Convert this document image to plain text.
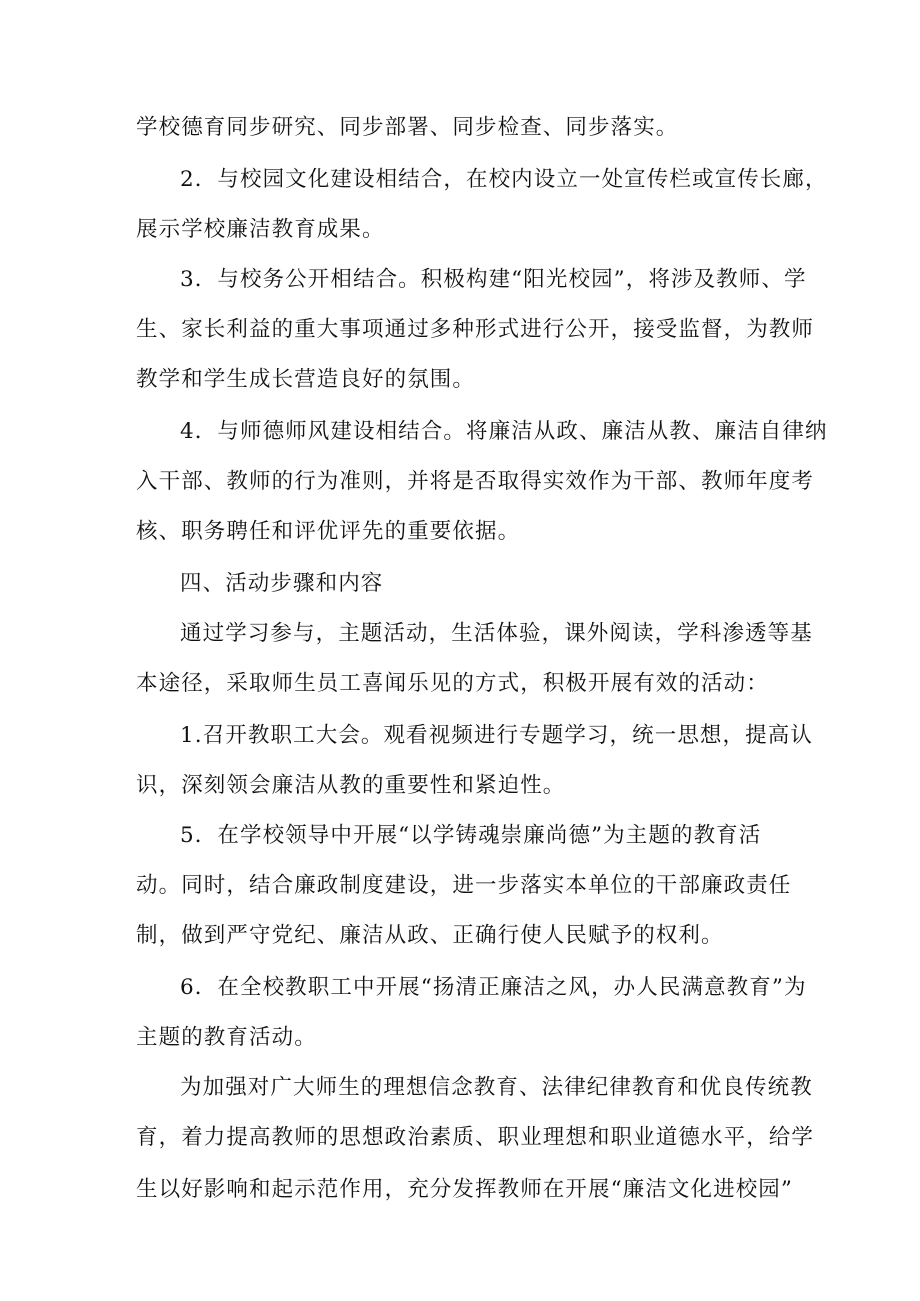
学校德育同步研究、同步部署、同步检查、同步落实。
2．与校园文化建设相结合，在校内设立一处宣传栏或宣传长廊，
展示学校廉洁教育成果。
3．与校务公开相结合。积极构建“阳光校园”，将涉及教师、学
生、家长利益的重大事项通过多种形式进行公开，接受监督，为教师
教学和学生成长营造良好的氛围。
4．与师德师风建设相结合。将廉洁从政、廉洁从教、廉洁自律纳
入干部、教师的行为准则，并将是否取得实效作为干部、教师年度考
核、职务聘任和评优评先的重要依据。
四、活动步骤和内容
通过学习参与，主题活动，生活体验，课外阅读，学科渗透等基
本途径，采取师生员工喜闻乐见的方式，积极开展有效的活动：
1.召开教职工大会。观看视频进行专题学习，统一思想，提高认
识，深刻领会廉洁从教的重要性和紧迫性。
5．在学校领导中开展“以学铸魂崇廉尚德”为主题的教育活
动。同时，结合廉政制度建设，进一步落实本单位的干部廉政责任
制，做到严守党纪、廉洁从政、正确行使人民赋予的权利。
6．在全校教职工中开展“扬清正廉洁之风，办人民满意教育”为
主题的教育活动。
为加强对广大师生的理想信念教育、法律纪律教育和优良传统教
育，着力提高教师的思想政治素质、职业理想和职业道德水平，给学
生以好影响和起示范作用，充分发挥教师在开展“廉洁文化进校园”
